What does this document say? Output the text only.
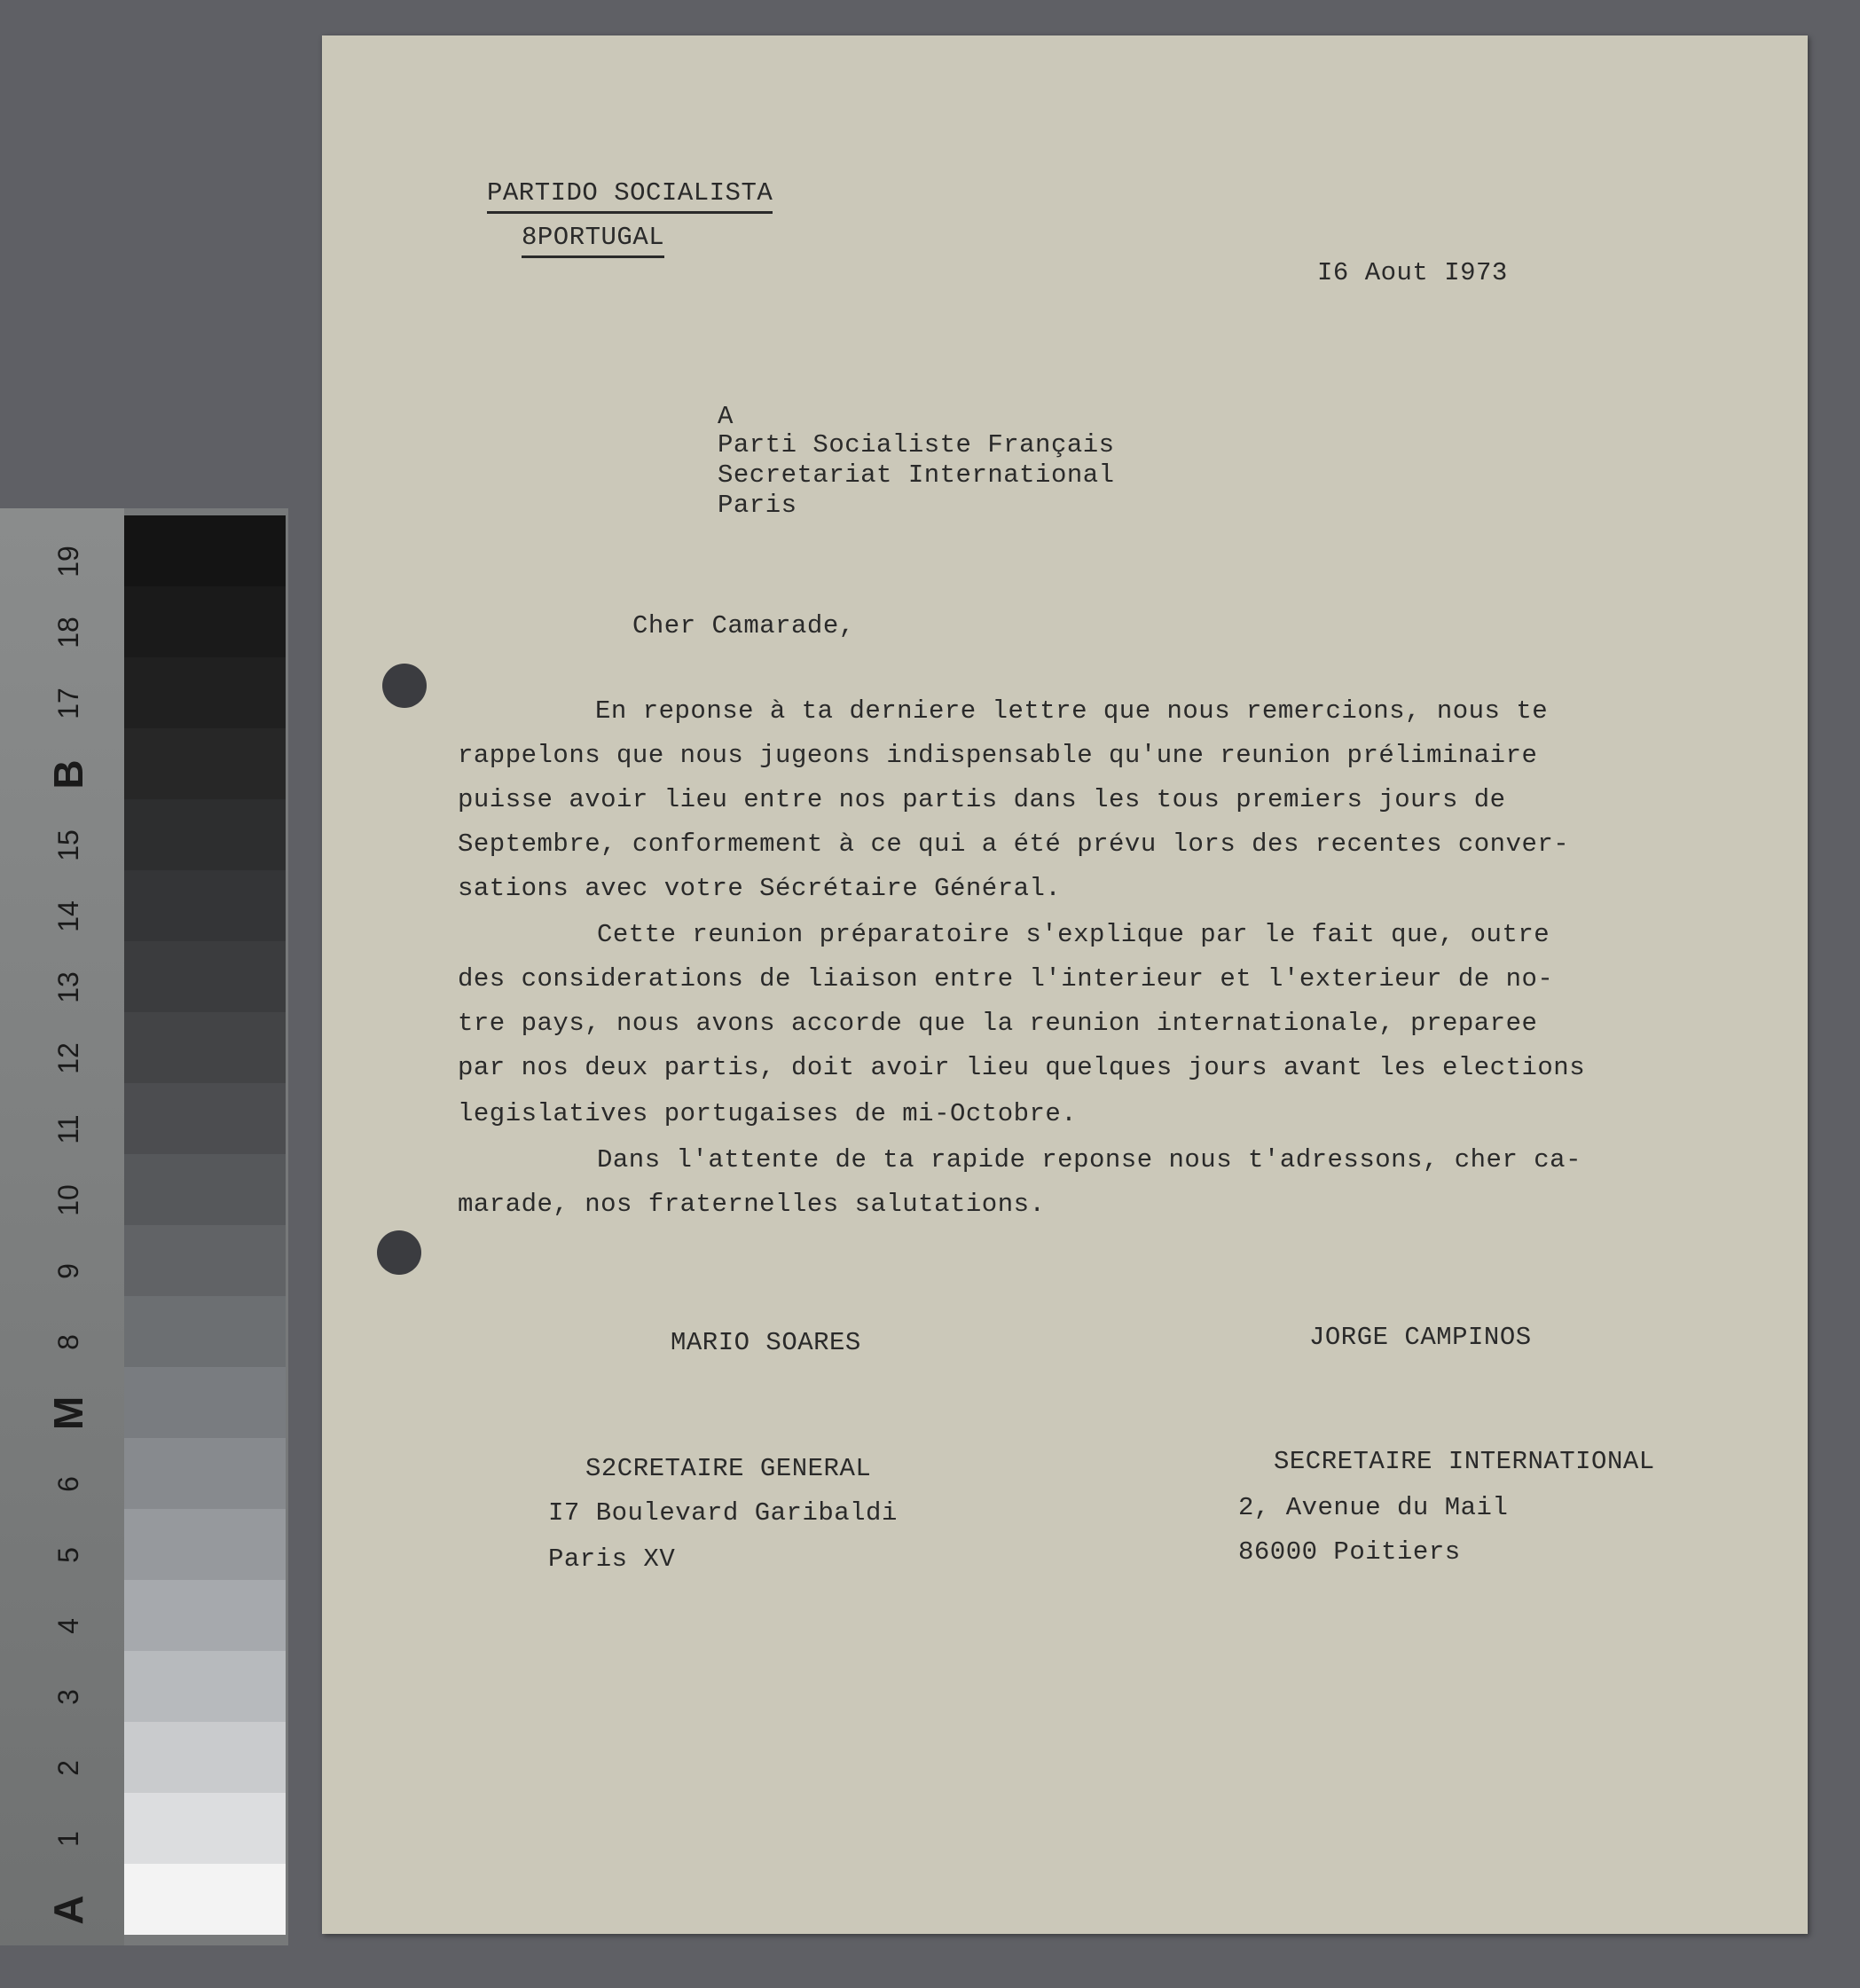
19
18
17
B
15
14
13
12
11
10
9
8
M
6
5
4
3
2
1
A
PARTIDO SOCIALISTA
8PORTUGAL
I6 Aout I973
A
Parti Socialiste Français
Secretariat International
Paris
Cher Camarade,
En reponse à ta derniere lettre que nous remercions, nous te
rappelons que nous jugeons indispensable qu'une reunion préliminaire
puisse avoir lieu entre nos partis dans les tous premiers jours de
Septembre, conformement à ce qui a été prévu lors des recentes conver-
sations avec votre Sécrétaire Général.
Cette reunion préparatoire s'explique par le fait que, outre
des considerations de liaison entre l'interieur et l'exterieur de no-
tre pays, nous avons accorde que la reunion internationale, preparee
par nos deux partis, doit avoir lieu quelques jours avant les elections
legislatives portugaises de mi-Octobre.
Dans l'attente de ta rapide reponse nous t'adressons, cher ca-
marade, nos fraternelles salutations.
MARIO SOARES
S2CRETAIRE GENERAL
I7 Boulevard Garibaldi
Paris XV
JORGE CAMPINOS
SECRETAIRE INTERNATIONAL
2, Avenue du Mail
86000 Poitiers
